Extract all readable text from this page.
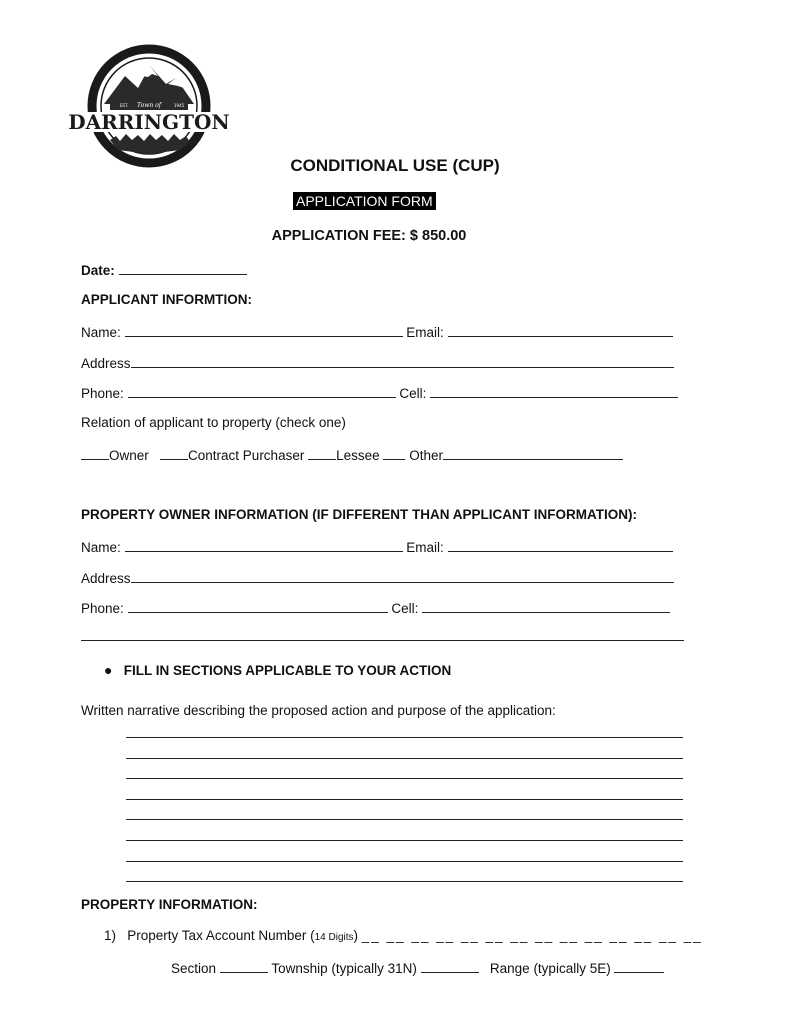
Town of
EST.	1945
DARRINGTON
CONDITIONAL USE (CUP)
APPLICATION FORM
APPLICATION FEE: $ 850.00
Date:
APPLICANT INFORMTION:
Name:	Email:
Address
Phone:	Cell:
Relation of applicant to property (check one)
Owner	Contract Purchaser Lessee Other
PROPERTY OWNER INFORMATION (IF DIFFERENT THAN APPLICANT INFORMATION):
Name:	Email:
Address
Phone:	Cell:
● FILL IN SECTIONS APPLICABLE TO YOUR ACTION
Written narrative describing the proposed action and purpose of the application:
PROPERTY INFORMATION:
1) Property Tax Account Number (14 Digits) __ __ __ __ __ __ __ __ __ __ __ __ __ __
Section	Township (typically 31N)	Range (typically 5E)
